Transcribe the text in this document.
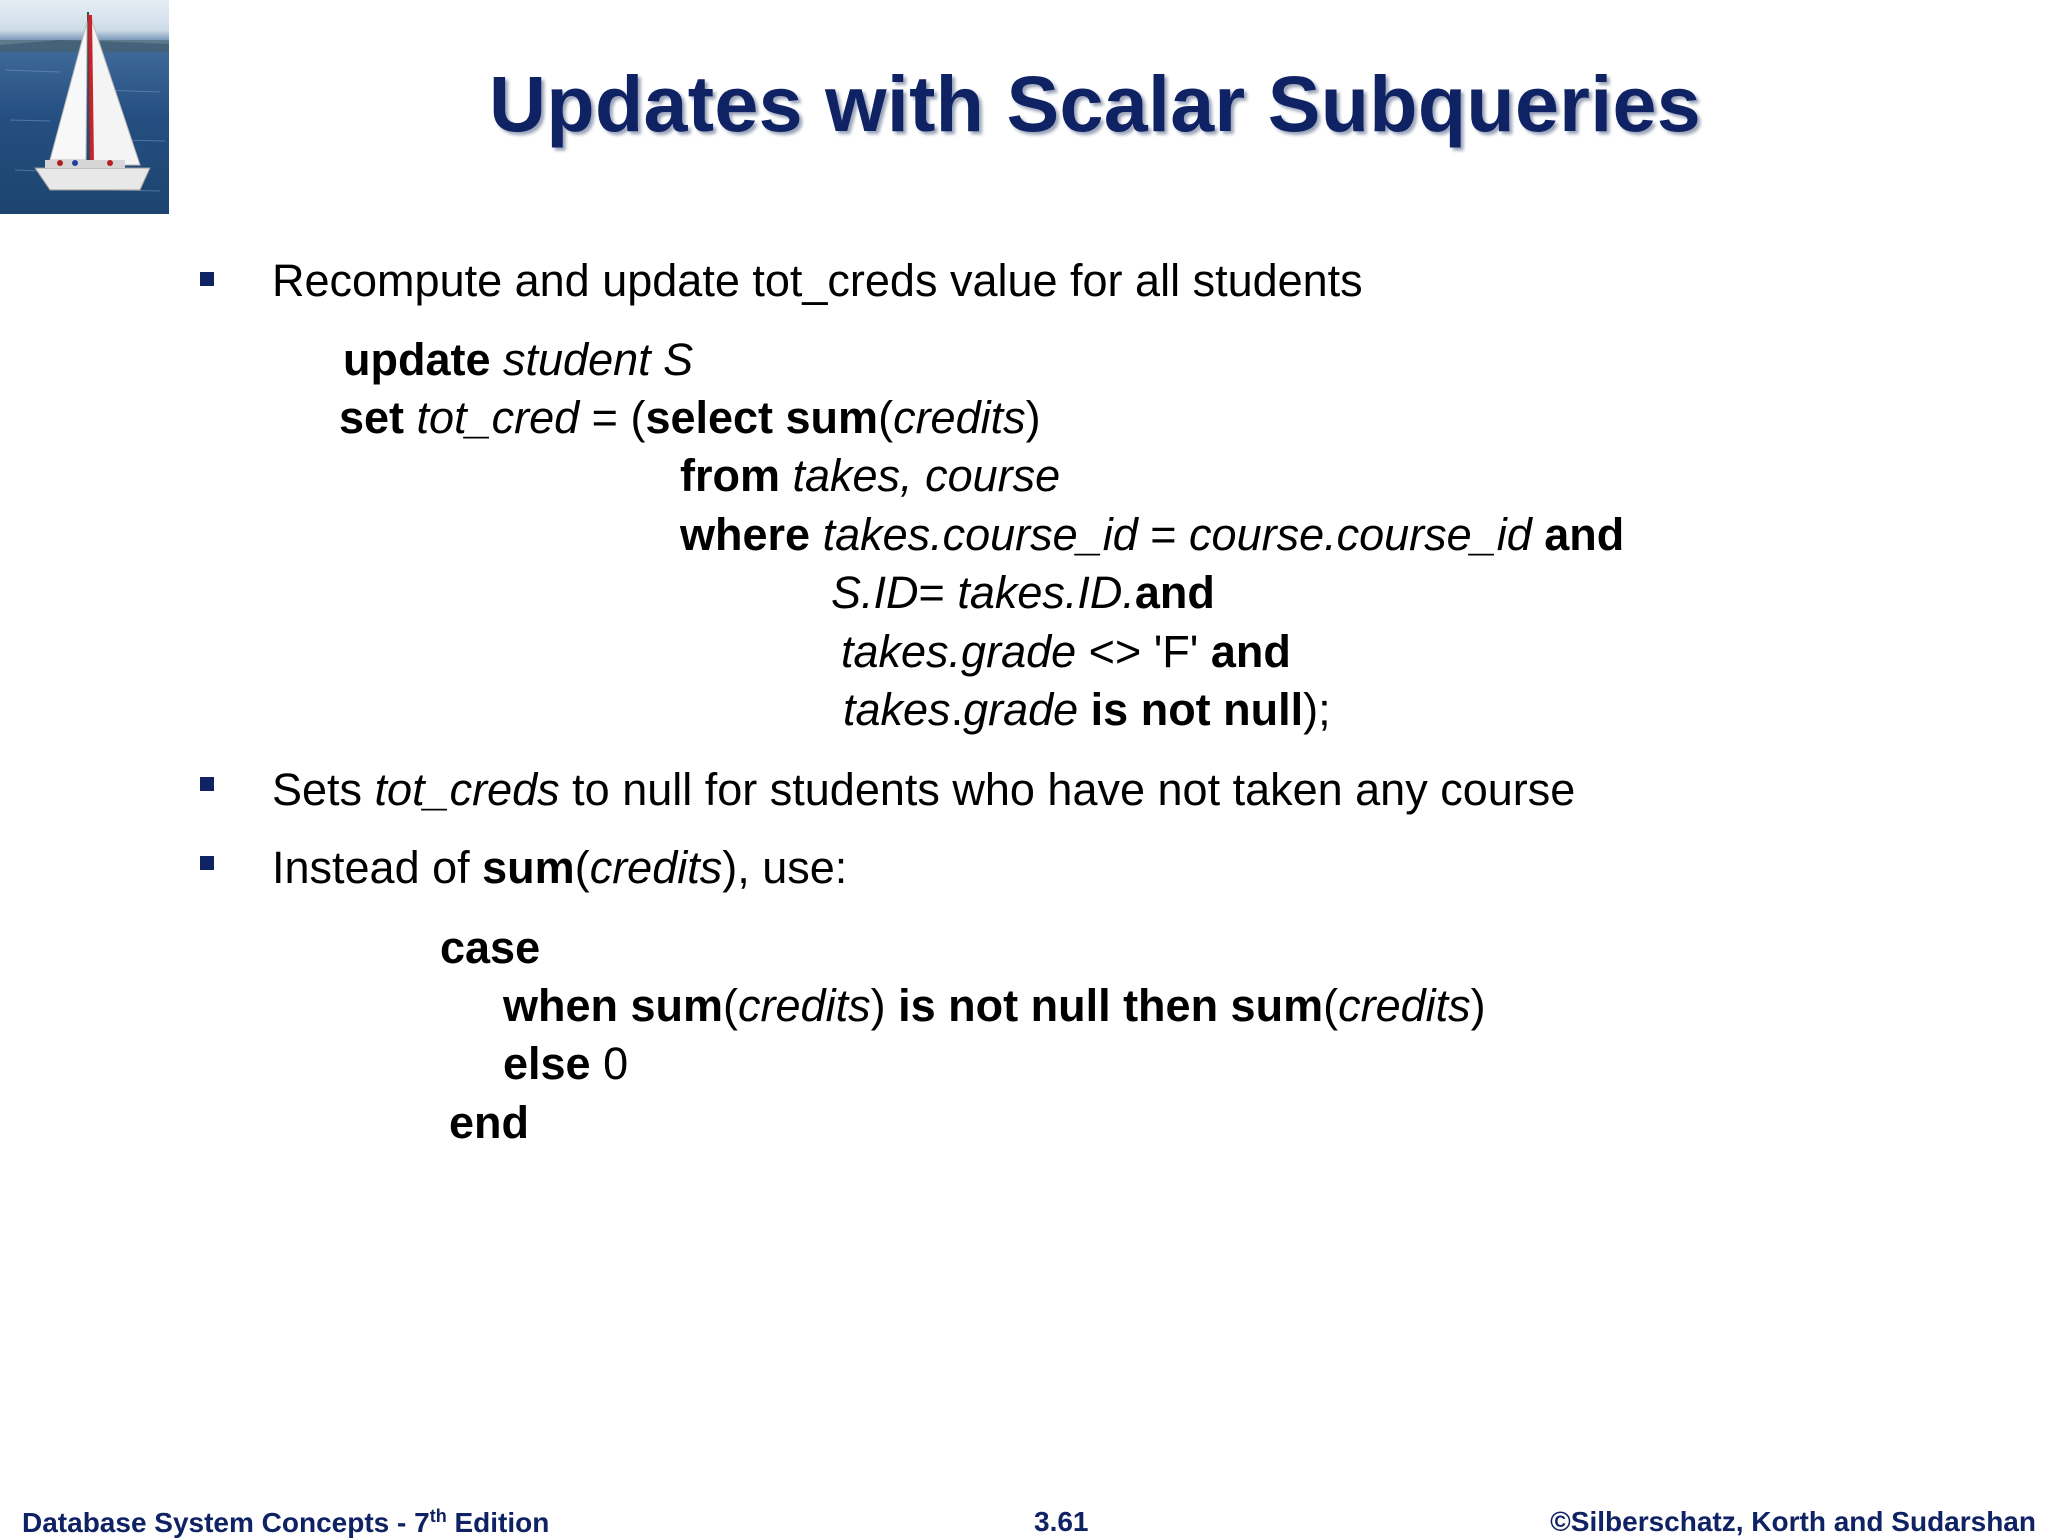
Updates with Scalar Subqueries
Recompute and update tot_creds value for all students
update student S
set tot_cred = (select sum(credits)
from takes, course
where takes.course_id = course.course_id and
S.ID= takes.ID.and
takes.grade <> 'F' and
takes.grade is not null);
Sets tot_creds to null for students who have not taken any course
Instead of sum(credits), use:
case
when sum(credits) is not null then sum(credits)
else 0
end
Database System Concepts - 7th Edition	3.61	©Silberschatz, Korth and Sudarshan
